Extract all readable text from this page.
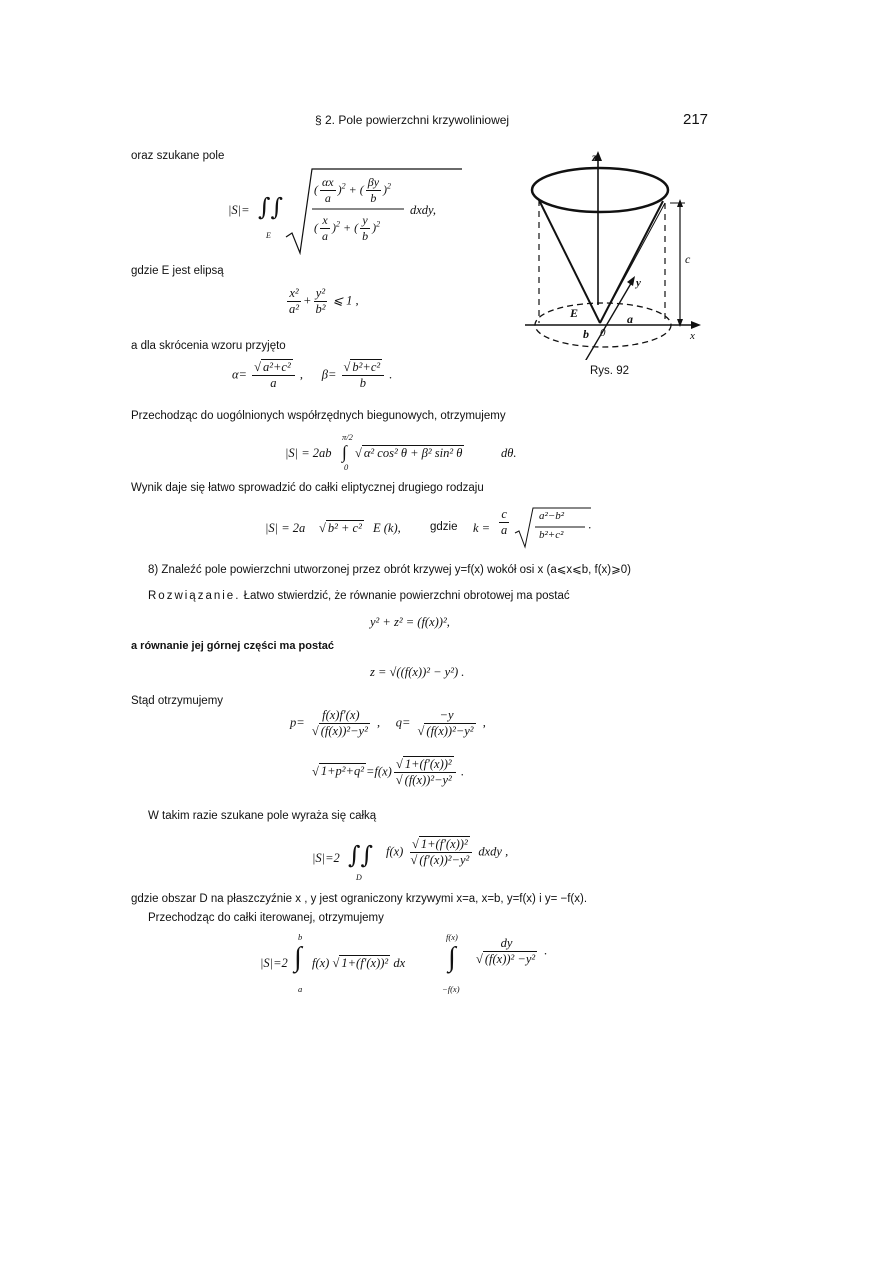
§ 2. Pole powierzchni krzywoliniowej	217
oraz szukane pole
|S|= ∫∫
E
( $\frac{\alpha x}{a} )^2$ + ( $\frac{\beta y}{b} )^2$
( $\frac{x}{a} )^2$ + ( $\frac{y}{b} )^2$
dxdy,
gdzie E jest elipsą
$\frac{\text{x²}}{\text{a²}} + \frac{\text{y²}}{\text{b²}}$ ⩽ 1 ,
a dla skrócenia wzoru przyjęto
$\alpha= \frac{\text{√ a²+c²}}{a}$ ,      $\beta= \frac{\text{√ b²+c²}}{b}$ .
z
x
y
c
a
b
E
0
Rys. 92
Przechodząc do uogólnionych współrzędnych biegunowych, otrzymujemy
|S| = 2ab
π/2
∫
0
√ α² cos² θ + β² sin² θ	dθ.
Wynik daje się łatwo sprowadzić do całki eliptycznej drugiego rodzaju
|S| = 2a √ b² + c² E (k),	gdzie $k = \frac{c}{a}$	a²−b²
b²+c² ·
8) Znaleźć pole powierzchni utworzonej przez obrót krzywej y=f(x) wokół osi x (a⩽x⩽b, f(x)⩾0)
Rozwiązanie. Łatwo stwierdzić, że równanie powierzchni obrotowej ma postać
y² + z² = (f(x))²,
a równanie jej górnej części ma postać
z = √((f(x))² − y²) .
Stąd otrzymujemy
$p= \frac{f(x)f'(x)}{\text{√ (f(x))²−y²}}$ ,     $q= \frac{-y}{\text{√ (f(x))²−y²}}$ ,
√ $1+p^2+q^2 =f(x) \frac{\text{√ 1+(f′(x))²}}{\text{√ (f(x))²−y²}}$ .
W takim razie szukane pole wyraża się całką
|S|=2 ∫∫
D
$f(x) \frac{\text{√ 1+(f′(x))²}}{\text{√ (f′(x))²−y²}}$ dxdy ,
gdzie obszar D na płaszczyźnie x , y jest ograniczony krzywymi x=a, x=b, y=f(x) i y= −f(x).
Przechodząc do całki iterowanej, otrzymujemy
|S|=2
b
∫
a
f(x) √ 1+(f′(x))² dx
f(x)
∫
−f(x)
$\frac{dy}{\text{√ (f(x))² −y²}}$ .
